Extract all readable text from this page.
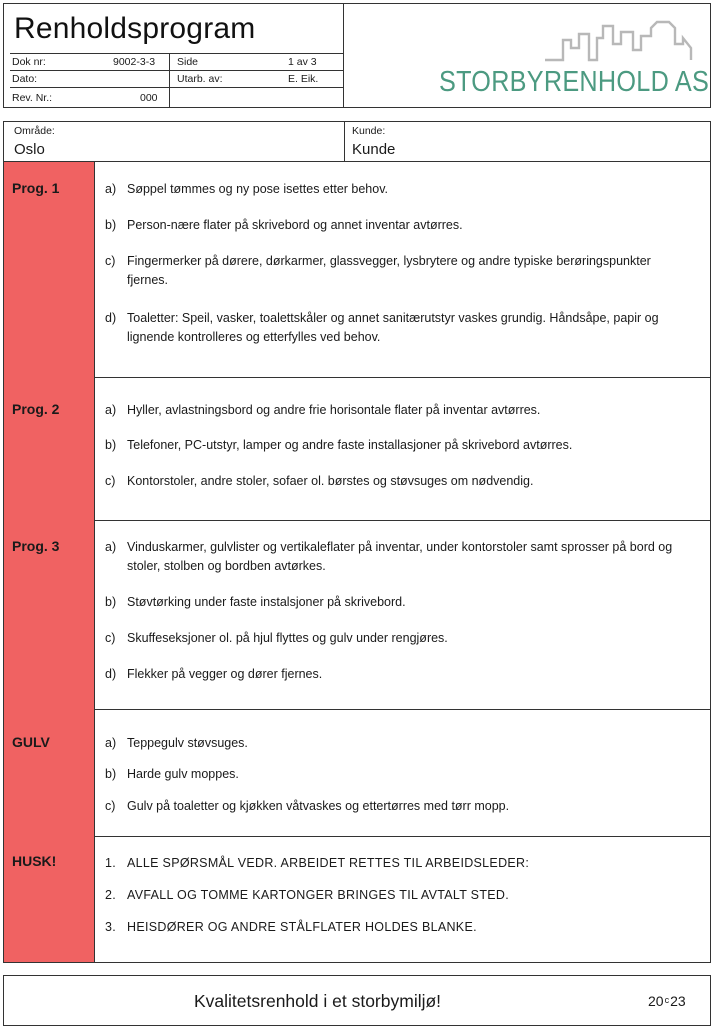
Renholdsprogram
Dok nr:	9002-3-3 Side	1 av 3
Dato:	Utarb. av:	E. Eik.
Rev. Nr.:	000	STORBYRENHOLD AS
Område:
Oslo
Kunde:
Kunde
Prog. 1	a) Søppel tømmes og ny pose isettes etter behov.
b) Person-nære flater på skrivebord og annet inventar avtørres.
c) Fingermerker på dørere, dørkarmer, glassvegger, lysbrytere og andre typiske berøringspunkter fjernes.
d) Toaletter: Speil, vasker, toalettskåler og annet sanitærutstyr vaskes grundig. Håndsåpe, papir og lignende kontrolleres og etterfylles ved behov.
Prog. 2	a) Hyller, avlastningsbord og andre frie horisontale flater på inventar avtørres.
b) Telefoner, PC-utstyr, lamper og andre faste installasjoner på skrivebord avtørres.
c) Kontorstoler, andre stoler, sofaer ol. børstes og støvsuges om nødvendig.
Prog. 3	a) Vinduskarmer, gulvlister og vertikaleflater på inventar, under kontorstoler samt sprosser på bord og stoler, stolben og bordben avtørkes.
b) Støvtørking under faste instalsjoner på skrivebord.
c) Skuffeseksjoner ol. på hjul flyttes og gulv under rengjøres.
d) Flekker på vegger og dører fjernes.
GULV	a) Teppegulv støvsuges.
b) Harde gulv moppes.
c) Gulv på toaletter og kjøkken våtvaskes og ettertørres med tørr mopp.
HUSK!	1. ALLE SPØRSMÅL VEDR. ARBEIDET RETTES TIL ARBEIDSLEDER:
2. AVFALL OG TOMME KARTONGER BRINGES TIL AVTALT STED.
3. HEISDØRER OG ANDRE STÅLFLATER HOLDES BLANKE.
Kvalitetsrenhold i et storbymiljø!	20$^c$23
